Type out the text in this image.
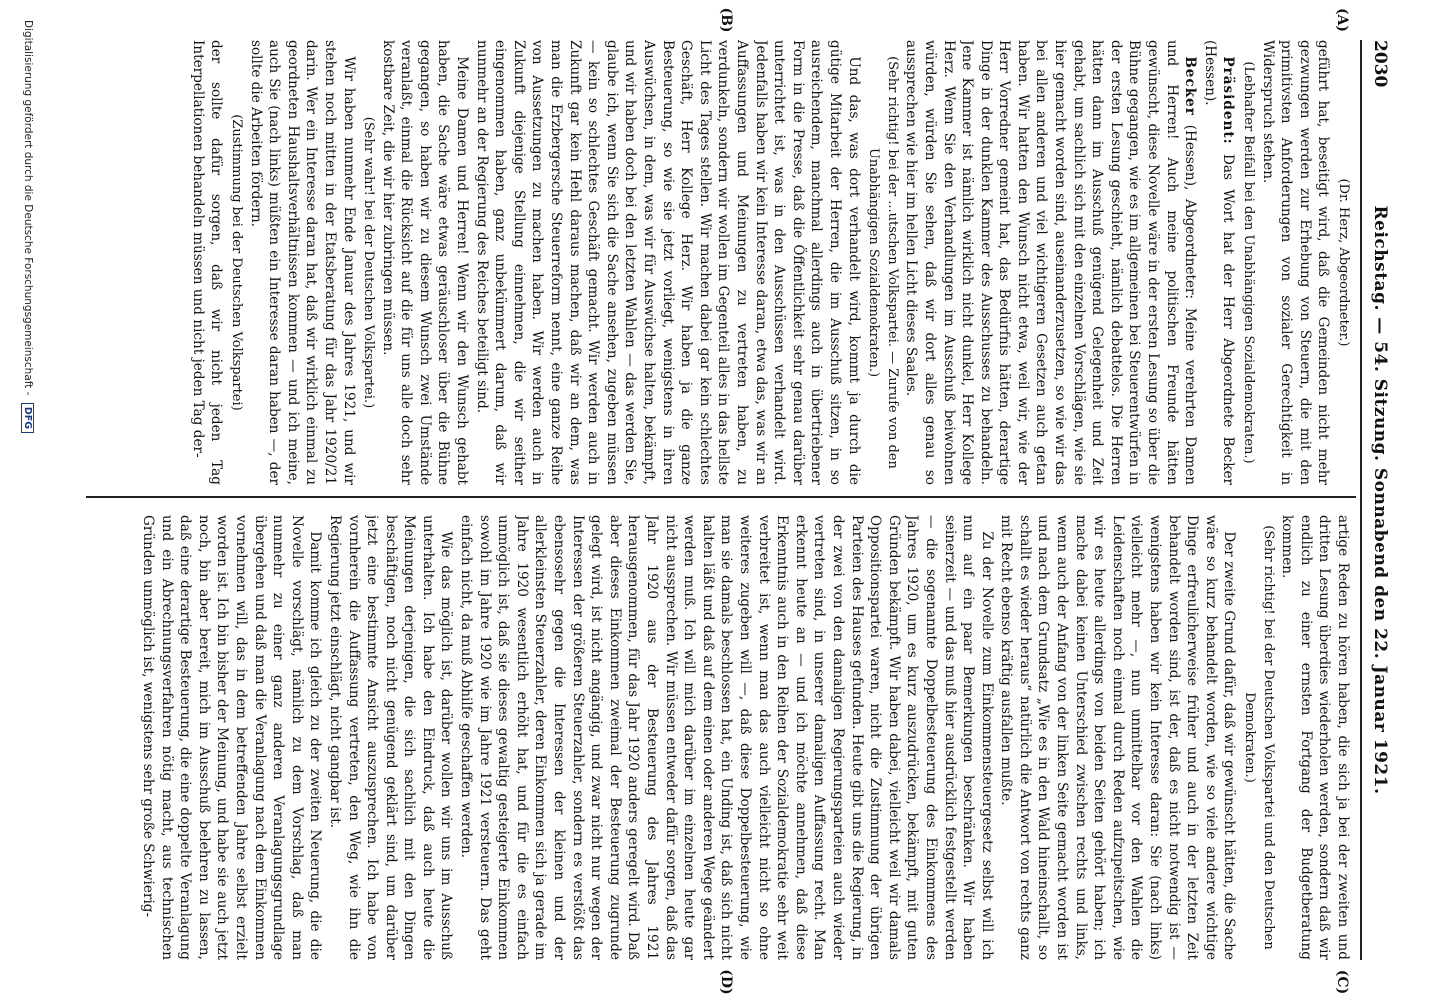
2030
Reichstag. — 54. Sitzung. Sonnabend den 22. Januar 1921.
(A)
(B)
(C)
(D)

(Dr. Herz, Abgeordneter.)

geführt hat, beseitigt wird, daß die Gemeinden nicht mehr gezwungen werden zur Erhebung von Steuern, die mit den primitivsten Anforderungen von sozialer Gerechtigkeit in Widerspruch stehen.

(Lebhafter Beifall bei den Unabhängigen Sozialdemokraten.)

Präsident: Das Wort hat der Herr Abgeordnete Becker (Hessen).

Becker (Hessen), Abgeordneter: Meine verehrten Damen und Herren! Auch meine politischen Freunde hätten gewünscht, diese Novelle wäre in der ersten Lesung so über die Bühne gegangen, wie es im allgemeinen bei Steuerentwürfen in der ersten Lesung geschieht, nämlich debattelos. Die Herren hätten dann im Ausschuß genügend Gelegenheit und Zeit gehabt, um sachlich sich mit den einzelnen Vorschlägen, wie sie hier gemacht worden sind, auseinanderzusetzen, so wie wir das bei allen anderen und viel wichtigeren Gesetzen auch getan haben. Wir hatten den Wunsch nicht etwa, weil wir, wie der Herr Vorredner gemeint hat, das Bedürfnis hätten, derartige Dinge in der dunklen Kammer des Ausschusses zu behandeln. Jene Kammer ist nämlich wirklich nicht dunkel, Herr Kollege Herz. Wenn Sie den Verhandlungen im Ausschuß beiwohnen würden, würden Sie sehen, daß wir dort alles genau so aussprechen wie hier im hellen Licht dieses Saales.

(Sehr richtig! bei der ...utschen Volkspartei. — Zurufe von den Unabhängigen Sozialdemokraten.)

Und das, was dort verhandelt wird, kommt ja durch die gütige Mitarbeit der Herren, die im Ausschuß sitzen, in so ausreichendem, manchmal allerdings auch in übertriebener Form in die Presse, daß die Öffentlichkeit sehr genau darüber unterrichtet ist, was in den Ausschüssen verhandelt wird. Jedenfalls haben wir kein Interesse daran, etwa das, was wir an Auffassungen und Meinungen zu vertreten haben, zu verdunkeln, sondern wir wollen im Gegenteil alles in das hellste Licht des Tages stellen. Wir machen dabei gar kein schlechtes Geschäft, Herr Kollege Herz. Wir haben ja die ganze Besteuerung, so wie sie jetzt vorliegt, wenigstens in ihren Auswüchsen, in dem, was wir für Auswüchse halten, bekämpft, und wir haben doch bei den letzten Wahlen — das werden Sie, glaube ich, wenn Sie sich die Sache ansehen, zugeben müssen — kein so schlechtes Geschäft gemacht. Wir werden auch in Zukunft gar kein Hehl daraus machen, daß wir an dem, was man die Erzbergersche Steuerreform nennt, eine ganze Reihe von Aussetzungen zu machen haben. Wir werden auch in Zukunft diejenige Stellung einnehmen, die wir seither eingenommen haben, ganz unbekümmert darum, daß wir nunmehr an der Regierung des Reiches beteiligt sind.

Meine Damen und Herren! Wenn wir den Wunsch gehabt haben, die Sache wäre etwas geräuschloser über die Bühne gegangen, so haben wir zu diesem Wunsch zwei Umstände veranlaßt, einmal die Rücksicht auf die für uns alle doch sehr kostbare Zeit, die wir hier zubringen müssen.

(Sehr wahr! bei der Deutschen Volkspartei.)

Wir haben nunmehr Ende Januar des Jahres 1921, und wir stehen noch mitten in der Etatsberatung für das Jahr 1920/21 darin. Wer ein Interesse daran hat, daß wir wirklich einmal zu geordneten Haushaltsverhältnissen kommen — und ich meine, auch Sie (nach links) müßten ein Interesse daran haben —, der sollte die Arbeiten fördern.

(Zustimmung bei der Deutschen Volkspartei)

der sollte dafür sorgen, daß wir nicht jeden Tag Interpellationen behandeln müssen und nicht jeden Tag der-

artige Reden zu hören haben, die sich ja bei der zweiten und dritten Lesung überdies wiederholen werden, sondern daß wir endlich zu einer ernsten Fortgang der Budgetberatung kommen.

(Sehr richtig! bei der Deutschen Volkspartei und den Deutschen Demokraten.)

Der zweite Grund dafür, daß wir gewünscht hätten, die Sache wäre so kurz behandelt worden, wie so viele andere wichtige Dinge erfreulicherweise früher und auch in der letzten Zeit behandelt worden sind, ist der, daß es nicht notwendig ist — wenigstens haben wir kein Interesse daran: Sie (nach links) vielleicht mehr —, nun unmittelbar vor den Wahlen die Leidenschaften noch einmal durch Reden aufzupeitschen, wie wir es heute allerdings von beiden Seiten gehört haben; ich mache dabei keinen Unterschied zwischen rechts und links, wenn auch der Anfang von der linken Seite gemacht worden ist und nach dem Grundsatz „Wie es in den Wald hineinschallt, so schallt es wieder heraus“ natürlich die Antwort von rechts ganz mit Recht ebenso kräftig ausfallen mußte.

Zu der Novelle zum Einkommensteuergesetz selbst will ich nun auf ein paar Bemerkungen beschränken. Wir haben seinerzeit — und das muß hier ausdrücklich festgestellt werden — die sogenannte Doppelbesteuerung des Einkommens des Jahres 1920, um es kurz auszudrücken, bekämpft, mit guten Gründen bekämpft. Wir haben dabei, vielleicht weil wir damals Oppositionspartei waren, nicht die Zustimmung der übrigen Parteien des Hauses gefunden. Heute gibt uns die Regierung, in der zwei von den damaligen Regierungsparteien auch wieder vertreten sind, in unserer damaligen Auffassung recht. Man erkennt heute an — und ich möchte annehmen, daß diese Erkenntnis auch in den Reihen der Sozialdemokratie sehr weit verbreitet ist, wenn man das auch vielleicht nicht so ohne weiteres zugeben will —, daß diese Doppelbesteuerung, wie man sie damals beschlossen hat, ein Unding ist, daß sich nicht halten läßt und daß auf dem einen oder anderen Wege geändert werden muß. Ich will mich darüber im einzelnen heute gar nicht aussprechen. Wir müssen entweder dafür sorgen, daß das Jahr 1920 aus der Besteuerung des Jahres 1921 herausgenommen, für das Jahr 1920 anders geregelt wird. Daß aber dieses Einkommen zweimal der Besteuerung zugrunde gelegt wird, ist nicht angängig, und zwar nicht nur wegen der Interessen der größeren Steuerzahler, sondern es verstößt das ebensosehr gegen die Interessen der kleinen und der allerkleinsten Steuerzahler, deren Einkommen sich ja gerade im Jahre 1920 wesentlich erhöht hat, und für die es einfach unmöglich ist, daß sie dieses gewaltig gesteigerte Einkommen sowohl im Jahre 1920 wie im Jahre 1921 versteuern. Das geht einfach nicht, da muß Abhilfe geschaffen werden.

Wie das möglich ist, darüber wollen wir uns im Ausschuß unterhalten. Ich habe den Eindruck, daß auch heute die Meinungen derjenigen, die sich sachlich mit den Dingen beschäftigen, noch nicht genügend geklärt sind, um darüber jetzt eine bestimmte Ansicht auszusprechen. Ich habe von vornherein die Auffassung vertreten, den Weg, wie ihn die Regierung jetzt einschlägt, nicht gangbar ist.

Damit komme ich gleich zu der zweiten Neuerung, die die Novelle vorschlägt, nämlich zu dem Vorschlag, daß man nunmehr zu einer ganz anderen Veranlagungsgrundlage übergehen und daß man die Veranlagung nach dem Einkommen vornehmen will, das in dem betreffenden Jahre selbst erzielt worden ist. Ich bin bisher der Meinung, und habe sie auch jetzt noch, bin aber bereit, mich im Ausschuß belehren zu lassen, daß eine derartige Besteuerung, die eine doppelte Veranlagung und ein Abrechnungsverfahren nötig macht, aus technischen Gründen unmöglich ist, wenigstens sehr große Schwierig-

Digitalisierung gefördert durch die Deutsche Forschungsgemeinschaft - DFG
